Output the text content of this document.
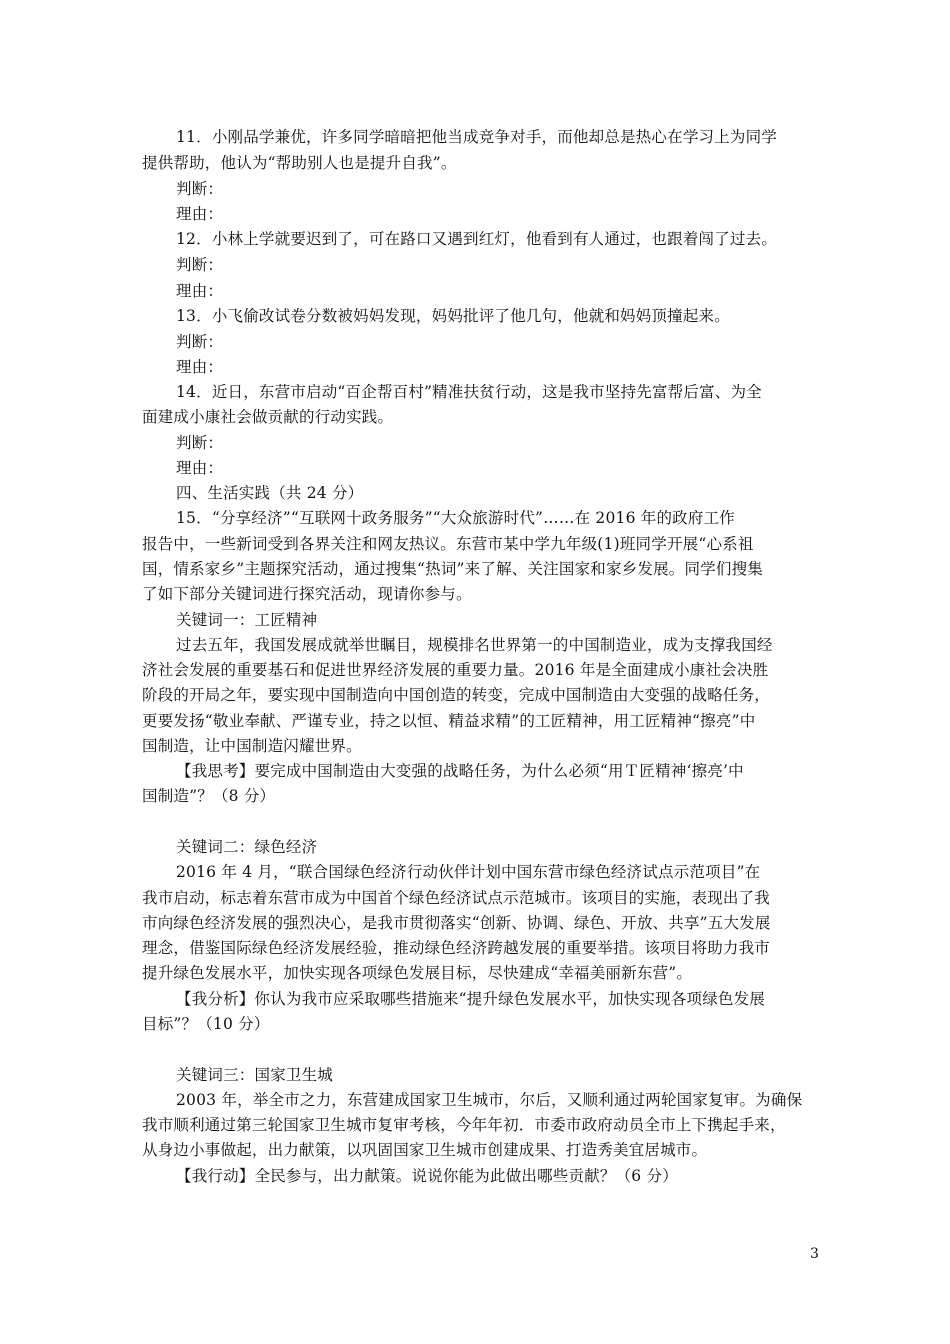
11．小刚品学兼优，许多同学暗暗把他当成竞争对手，而他却总是热心在学习上为同学
提供帮助，他认为“帮助别人也是提升自我”。
判断：
理由：
12．小林上学就要迟到了，可在路口又遇到红灯，他看到有人通过，也跟着闯了过去。
判断：
理由：
13．小飞偷改试卷分数被妈妈发现，妈妈批评了他几句，他就和妈妈顶撞起来。
判断：
理由：
14．近日，东营市启动“百企帮百村”精准扶贫行动，这是我市坚持先富帮后富、为全
面建成小康社会做贡献的行动实践。
判断：
理由：
四、生活实践（共 24 分）
15．“分享经济”“互联网十政务服务”“大众旅游时代”……在 2016 年的政府工作
报告中，一些新词受到各界关注和网友热议。东营市某中学九年级(1)班同学开展“心系祖
国，情系家乡”主题探究活动，通过搜集“热词”来了解、关注国家和家乡发展。同学们搜集
了如下部分关键词进行探究活动，现请你参与。
关键词一：工匠精神
过去五年，我国发展成就举世瞩目，规模排名世界第一的中国制造业，成为支撑我国经
济社会发展的重要基石和促进世界经济发展的重要力量。2016 年是全面建成小康社会决胜
阶段的开局之年，要实现中国制造向中国创造的转变，完成中国制造由大变强的战略任务，
更要发扬“敬业奉献、严谨专业，持之以恒、精益求精”的工匠精神，用工匠精神“擦亮”中
国制造，让中国制造闪耀世界。
【我思考】要完成中国制造由大变强的战略任务，为什么必须“用Ｔ匠精神‘擦亮’中
国制造”？（8 分）
关键词二：绿色经济
2016 年 4 月，“联合国绿色经济行动伙伴计划中国东营市绿色经济试点示范项目”在
我市启动，标志着东营市成为中国首个绿色经济试点示范城市。该项目的实施，表现出了我
市向绿色经济发展的强烈决心，是我市贯彻落实“创新、协调、绿色、开放、共享”五大发展
理念，借鉴国际绿色经济发展经验，推动绿色经济跨越发展的重要举措。该项目将助力我市
提升绿色发展水平，加快实现各项绿色发展目标，尽快建成“幸福美丽新东营”。
【我分析】你认为我市应采取哪些措施来“提升绿色发展水平，加快实现各项绿色发展
目标”？（10 分）
关键词三：国家卫生城
2003 年，举全市之力，东营建成国家卫生城市，尔后，又顺利通过两轮国家复审。为确保
我市顺利通过第三轮国家卫生城市复审考核，今年年初．市委市政府动员全市上下携起手来，
从身边小事做起，出力献策，以巩固国家卫生城市创建成果、打造秀美宜居城市。
【我行动】全民参与，出力献策。说说你能为此做出哪些贡献？（6 分）
3
